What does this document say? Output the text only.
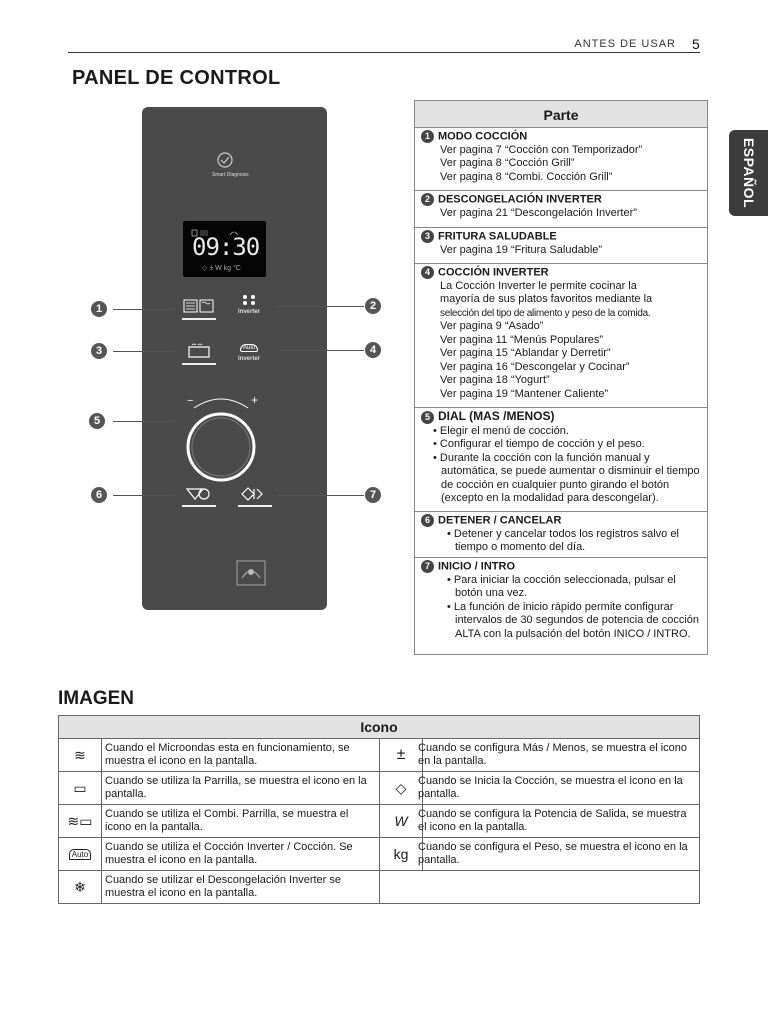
ANTES DE USAR 5
PANEL DE CONTROL
ESPAÑOL
Smart Diagnosis
09:30
◇ ± W kg °C
Inverter
Auto
Inverter
−	+
1	2
3	4
5
6	7
Parte
1 MODO COCCIÓN
Ver pagina 7 “Cocción con Temporizador”
Ver pagina 8 “Cocción Grill”
Ver pagina 8 “Combi. Cocción Grill”
2 DESCONGELACIÓN INVERTER
Ver pagina 21 “Descongelación Inverter”
3 FRITURA SALUDABLE
Ver pagina 19 “Fritura Saludable”
4 COCCIÓN INVERTER
La Cocción Inverter le permite cocinar la
mayoría de sus platos favoritos mediante la
selección del tipo de alimento y peso de la comida.
Ver pagina 9 “Asado”
Ver pagina 11 “Menús Populares”
Ver pagina 15 “Ablandar y Derretir”
Ver pagina 16 “Descongelar y Cocinar”
Ver pagina 18 “Yogurt”
Ver pagina 19 “Mantener Caliente”
5 DIAL (MAS /MENOS)
• Elegir el menú de cocción.
• Configurar el tiempo de cocción y el peso.
• Durante la cocción con la función manual y automática, se puede aumentar o disminuir el tiempo de cocción en cualquier punto girando el botón (excepto en la modalidad para descongelar).
6 DETENER / CANCELAR
• Detener y cancelar todos los registros salvo el tiempo o momento del día.
7 INICIO / INTRO
• Para iniciar la cocción seleccionada, pulsar el botón una vez.
• La función de inicio rápido permite configurar intervalos de 30 segundos de potencia de cocción ALTA con la pulsación del botón INICO / INTRO.
IMAGEN
Icono
≋ Cuando el Microondas esta en funcionamiento, se muestra el icono en la pantalla.	± Cuando se configura Más / Menos, se muestra el icono en la pantalla.
▭ Cuando se utiliza la Parrilla, se muestra el icono en la pantalla.	◇ Cuando se Inicia la Cocción, se muestra el icono en la pantalla.
≋▭ Cuando se utiliza el Combi. Parrilla, se muestra el icono en la pantalla.	W Cuando se configura la Potencia de Salida, se muestra el icono en la pantalla.
Auto
Cuando se utiliza el Cocción Inverter / Cocción. Se muestra el icono en la pantalla.	kg Cuando se configura el Peso, se muestra el icono en la pantalla.
❄ Cuando se utilizar el Descongelación Inverter se muestra el icono en la pantalla.
